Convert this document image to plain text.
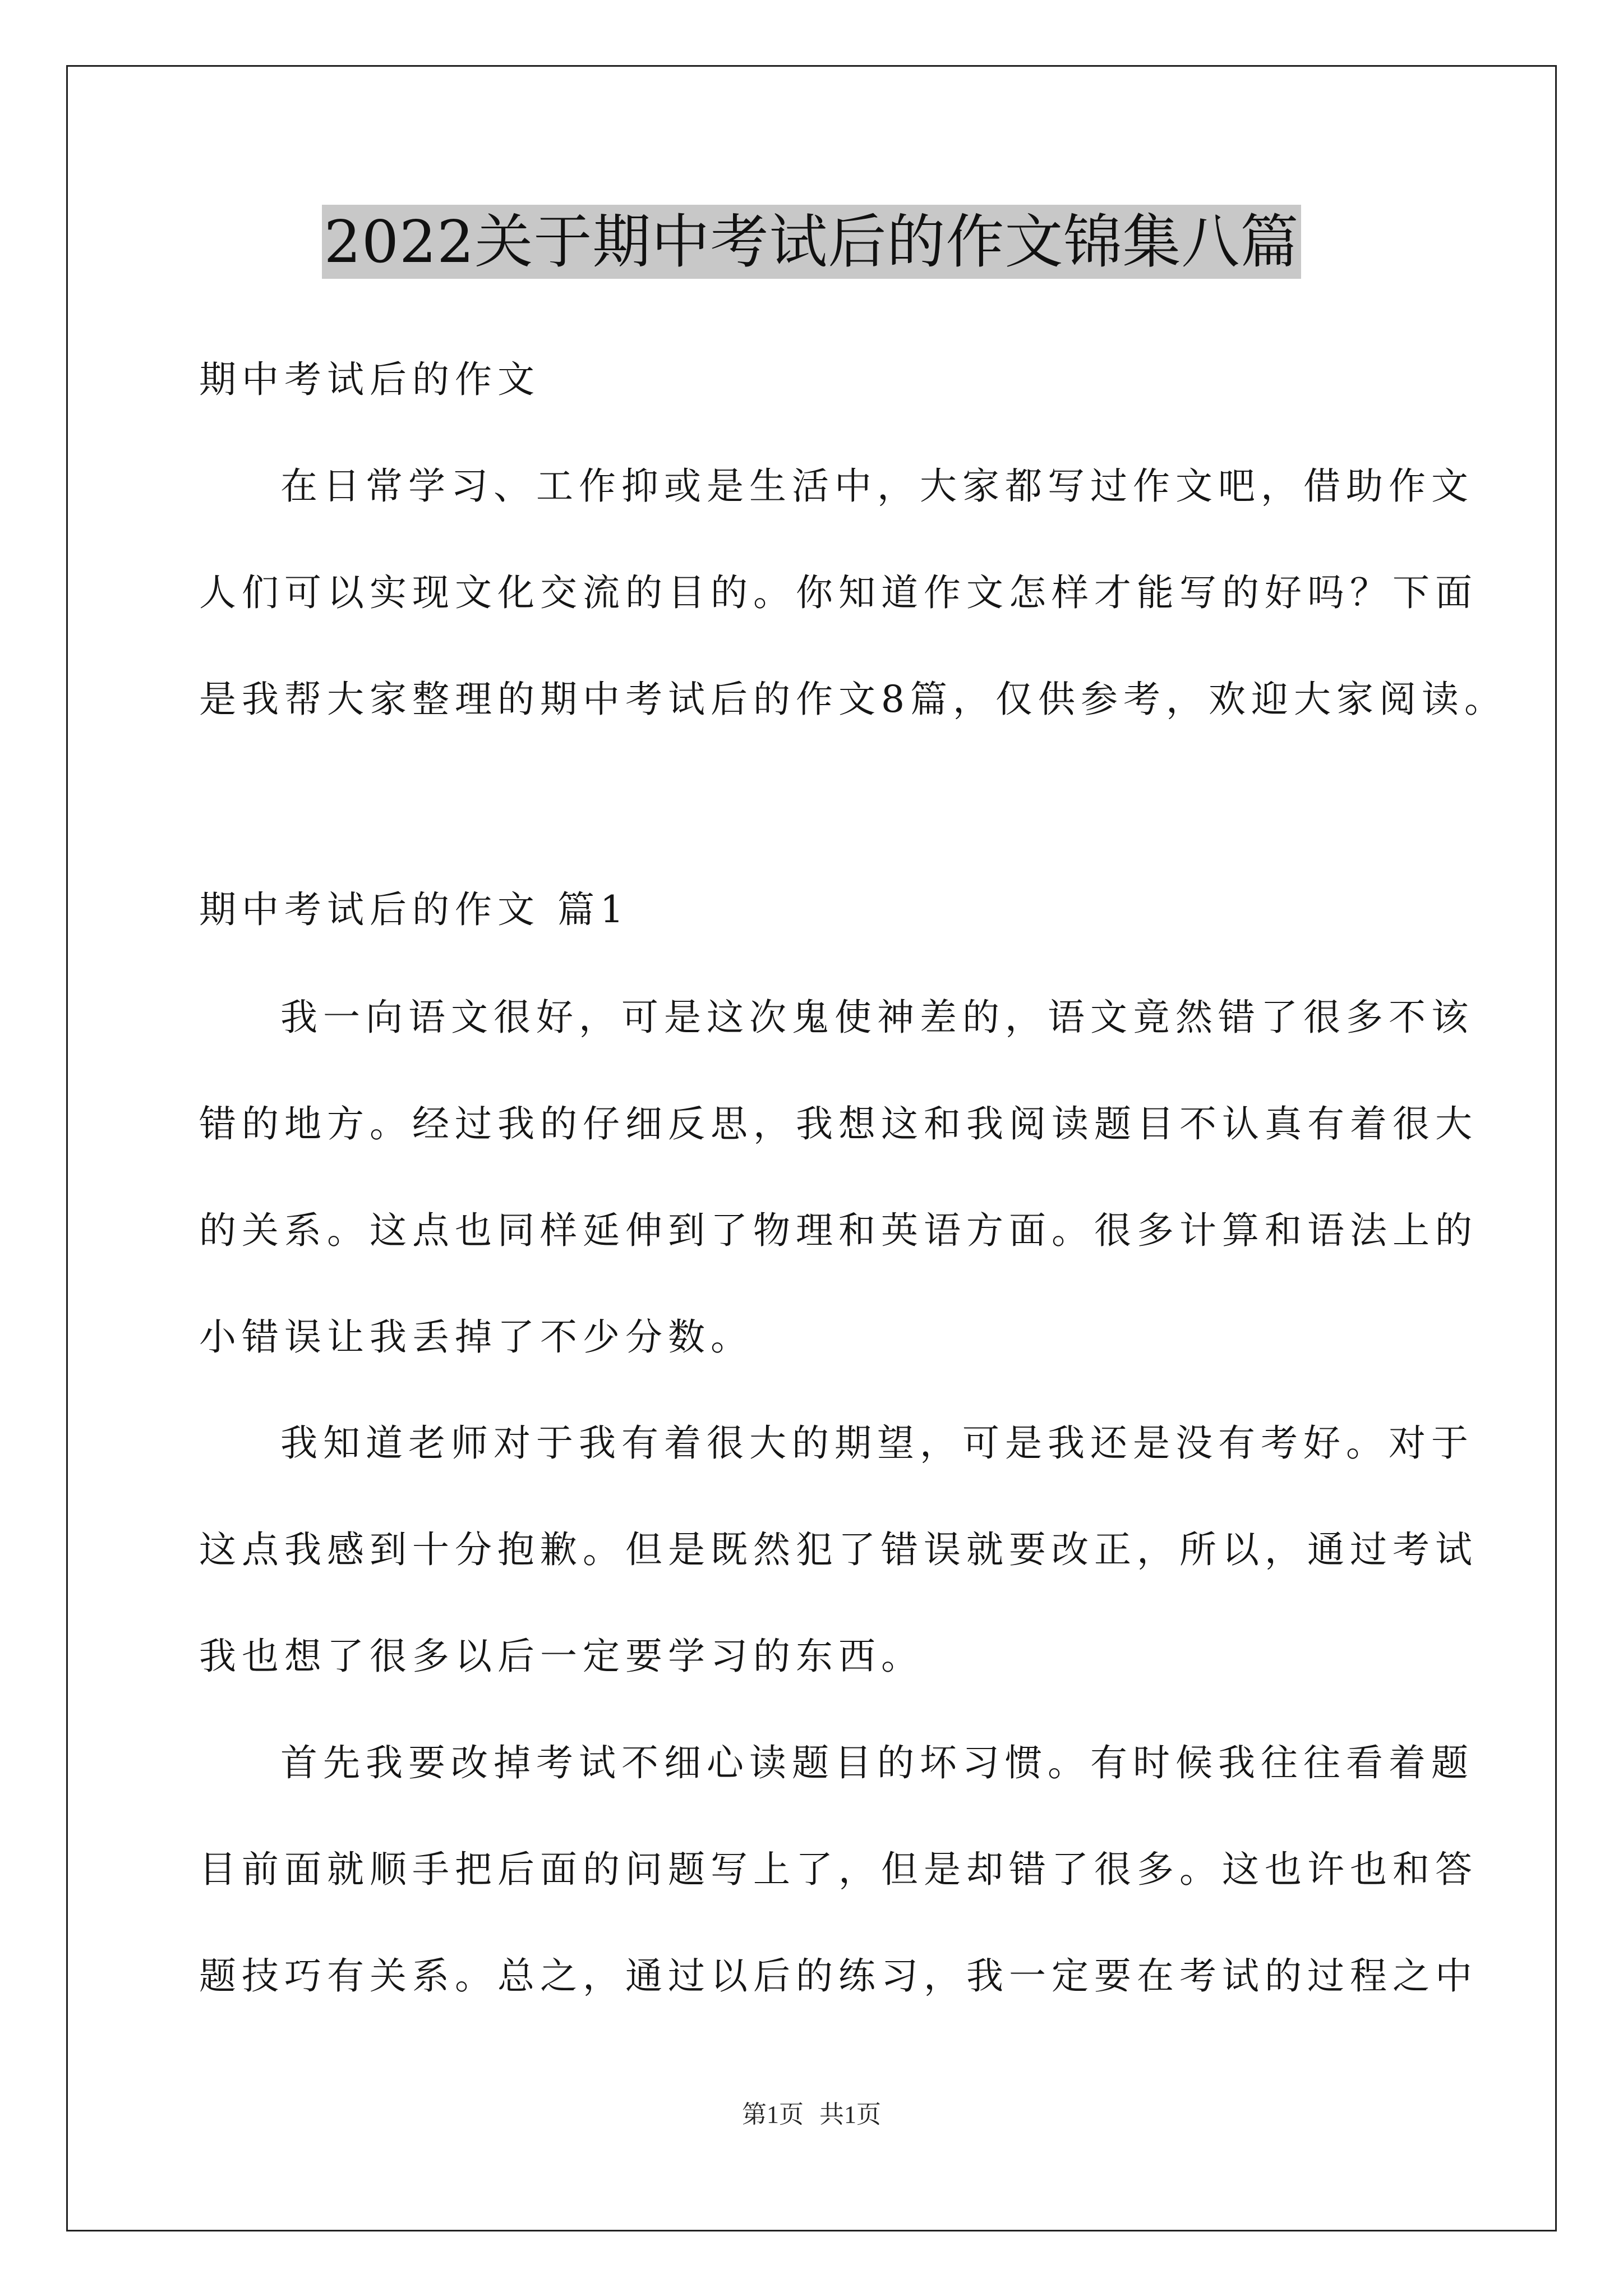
2022关于期中考试后的作文锦集八篇
期中考试后的作文
在日常学习、工作抑或是生活中，大家都写过作文吧，借助作文
人们可以实现文化交流的目的。你知道作文怎样才能写的好吗？下面
是我帮大家整理的期中考试后的作文8篇，仅供参考，欢迎大家阅读。
期中考试后的作文 篇1
我一向语文很好，可是这次鬼使神差的，语文竟然错了很多不该
错的地方。经过我的仔细反思，我想这和我阅读题目不认真有着很大
的关系。这点也同样延伸到了物理和英语方面。很多计算和语法上的
小错误让我丢掉了不少分数。
我知道老师对于我有着很大的期望，可是我还是没有考好。对于
这点我感到十分抱歉。但是既然犯了错误就要改正，所以，通过考试
我也想了很多以后一定要学习的东西。
首先我要改掉考试不细心读题目的坏习惯。有时候我往往看着题
目前面就顺手把后面的问题写上了，但是却错了很多。这也许也和答
题技巧有关系。总之，通过以后的练习，我一定要在考试的过程之中
第1页 共1页
